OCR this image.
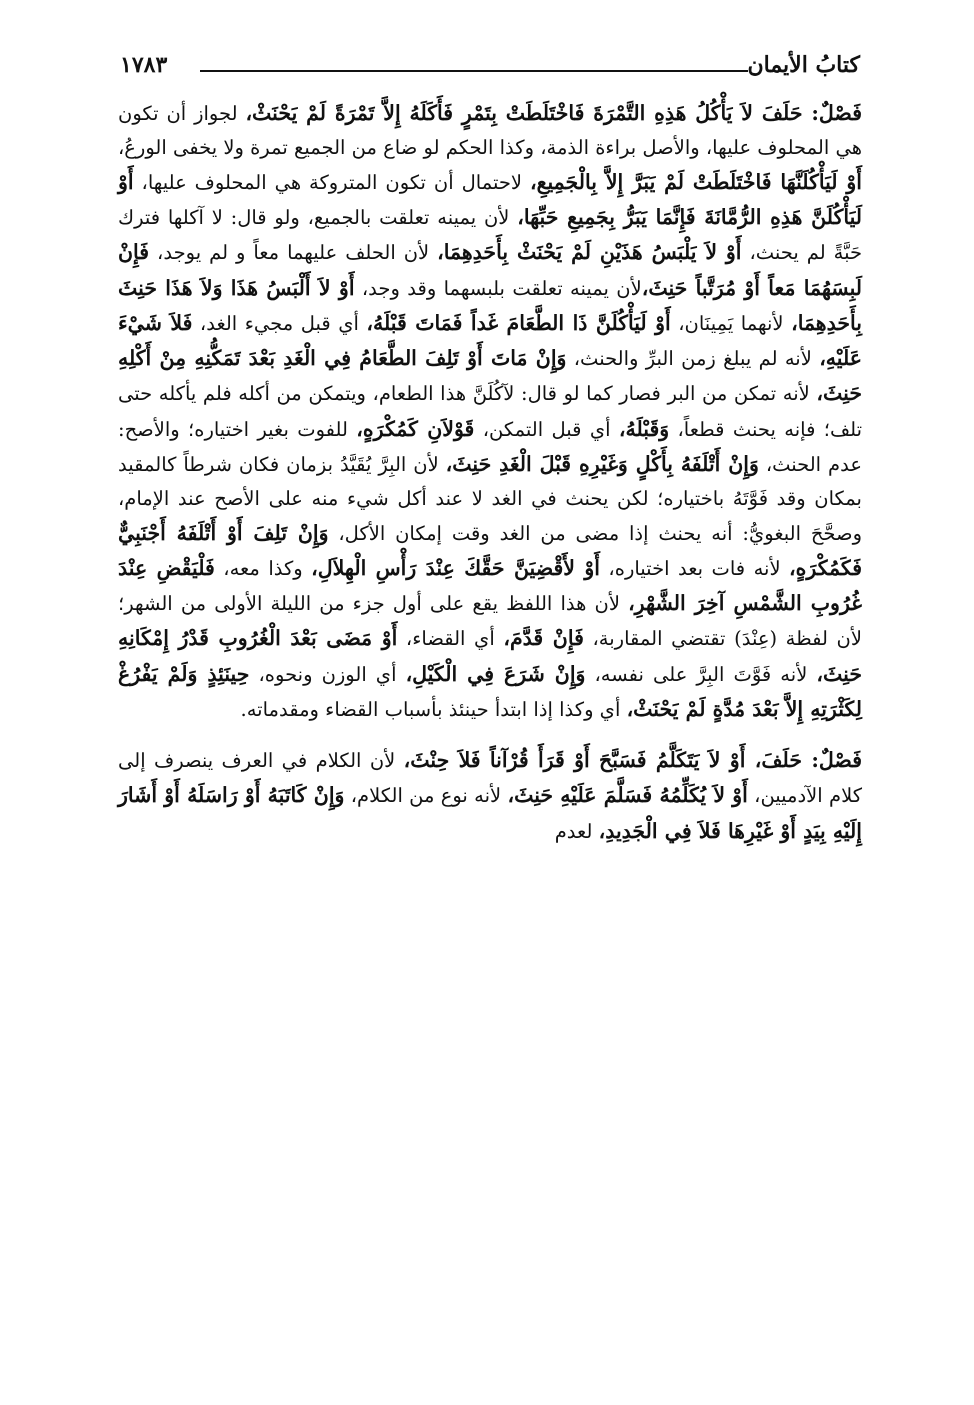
كتابُ الأيمان
١٧٨٣

فَصْلٌ: حَلَفَ لاَ يَأْكُلُ هَذِهِ التَّمْرَةَ فَاخْتَلَطَتْ بِتَمْرٍ فَأَكَلَهُ إِلاَّ تَمْرَةً لَمْ يَحْنَثْ، لجواز أن تكون هي المحلوف عليها، والأصل براءة الذمة، وكذا الحكم لو ضاع من الجميع تمرة ولا يخفى الورعُ، أَوْ لَيَأْكُلَنَّهَا فَاخْتَلَطَتْ لَمْ يَبَرَّ إِلاَّ بِالْجَمِيعِ، لاحتمال أن تكون المتروكة هي المحلوف عليها، أَوْ لَيَأْكُلَنَّ هَذِهِ الرُّمَّانَةَ فَإِنَّمَا يَبَرُّ بِجَمِيعِ حَبِّهَا، لأن يمينه تعلقت بالجميع، ولو قال: لا آكلها فترك حَبَّةً لم يحنث، أَوْ لاَ يَلْبَسُ هَذَيْنِ لَمْ يَحْنَثْ بِأَحَدِهِمَا، لأن الحلف عليهما معاً و لم يوجد، فَإِنْ لَبِسَهُمَا مَعاً أَوْ مُرَتَّباً حَنِثَ،لأن يمينه تعلقت بلبسهما وقد وجد، أَوْ لاَ أَلْبَسُ هَذَا وَلاَ هَذَا حَنِثَ بِأَحَدِهِمَا، لأنهما يَمِينَان، أَوْ لَيَأْكُلَنَّ ذَا الطَّعَامَ غَداً فَمَاتَ قَبْلَهُ، أي قبل مجيء الغد، فَلاَ شَيْءَ عَلَيْهِ، لأنه لم يبلغ زمن البرِّ والحنث، وَإِنْ مَاتَ أَوْ تَلِفَ الطَّعَامُ فِي الْغَدِ بَعْدَ تَمَكُّنِهِ مِنْ أَكْلِهِ حَنِثَ، لأنه تمكن من البر فصار كما لو قال: لآكُلَنَّ هذا الطعام، ويتمكن من أكله فلم يأكله حتى تلف؛ فإنه يحنث قطعاً، وَقَبْلَهُ، أي قبل التمكن، قَوْلاَنِ كَمُكْرَهٍ، للفوت بغير اختياره؛ والأصح: عدم الحنث، وَإِنْ أَتْلَفَهُ بِأَكْلٍ وَغَيْرِهِ قَبْلَ الْغَدِ حَنِثَ، لأن البِرَّ يُقَيَّدُ بزمان فكان شرطاً كالمقيد بمكان وقد فَوَّتَهُ باختياره؛ لكن يحنث في الغد لا عند أكل شيء منه على الأصح عند الإمام، وصحَّحَ البغويُّ: أنه يحنث إذا مضى من الغد وقت إمكان الأكل، وَإِنْ تَلِفَ أَوْ أَتْلَفَهُ أَجْنَبِيٌّ فَكَمُكْرَهٍ، لأنه فات بعد اختياره، أَوْ لأَقْضِيَنَّ حَقَّكَ عِنْدَ رَأْسِ الْهِلاَلِ، وكذا معه، فَلْيَقْضِ عِنْدَ غُرُوبِ الشَّمْسِ آخِرَ الشَّهْرِ، لأن هذا اللفظ يقع على أول جزء من الليلة الأولى من الشهر؛ لأن لفظة (عِنْدَ) تقتضي المقاربة، فَإِنْ قَدَّمَ، أي القضاء، أَوْ مَضَى بَعْدَ الْغُرُوبِ قَدْرُ إِمْكَانِهِ حَنِثَ، لأنه فَوَّتَ البِرَّ على نفسه، وَإِنْ شَرَعَ فِي الْكَيْلِ، أي الوزن ونحوه، حِينَئِذٍ وَلَمْ يَفْرُغْ لِكَثْرَتِهِ إِلاَّ بَعْدَ مُدَّةٍ لَمْ يَحْنَثْ، أي وكذا إذا ابتدأ حينئذ بأسباب القضاء ومقدماته.

فَصْلٌ: حَلَفَ، أَوْ لاَ يَتَكَلَّمُ فَسَبَّحَ أَوْ قَرَأَ قُرْآناً فَلاَ حِنْثَ، لأن الكلام في العرف ينصرف إلى كلام الآدميين، أَوْ لاَ يُكَلِّمُهُ فَسَلَّمَ عَلَيْهِ حَنِثَ، لأنه نوع من الكلام، وَإِنْ كَاتَبَهُ أَوْ رَاسَلَهُ أَوْ أَشَارَ إِلَيْهِ بِيَدٍ أَوْ غَيْرِهَا فَلاَ فِي الْجَدِيدِ، لعدم
